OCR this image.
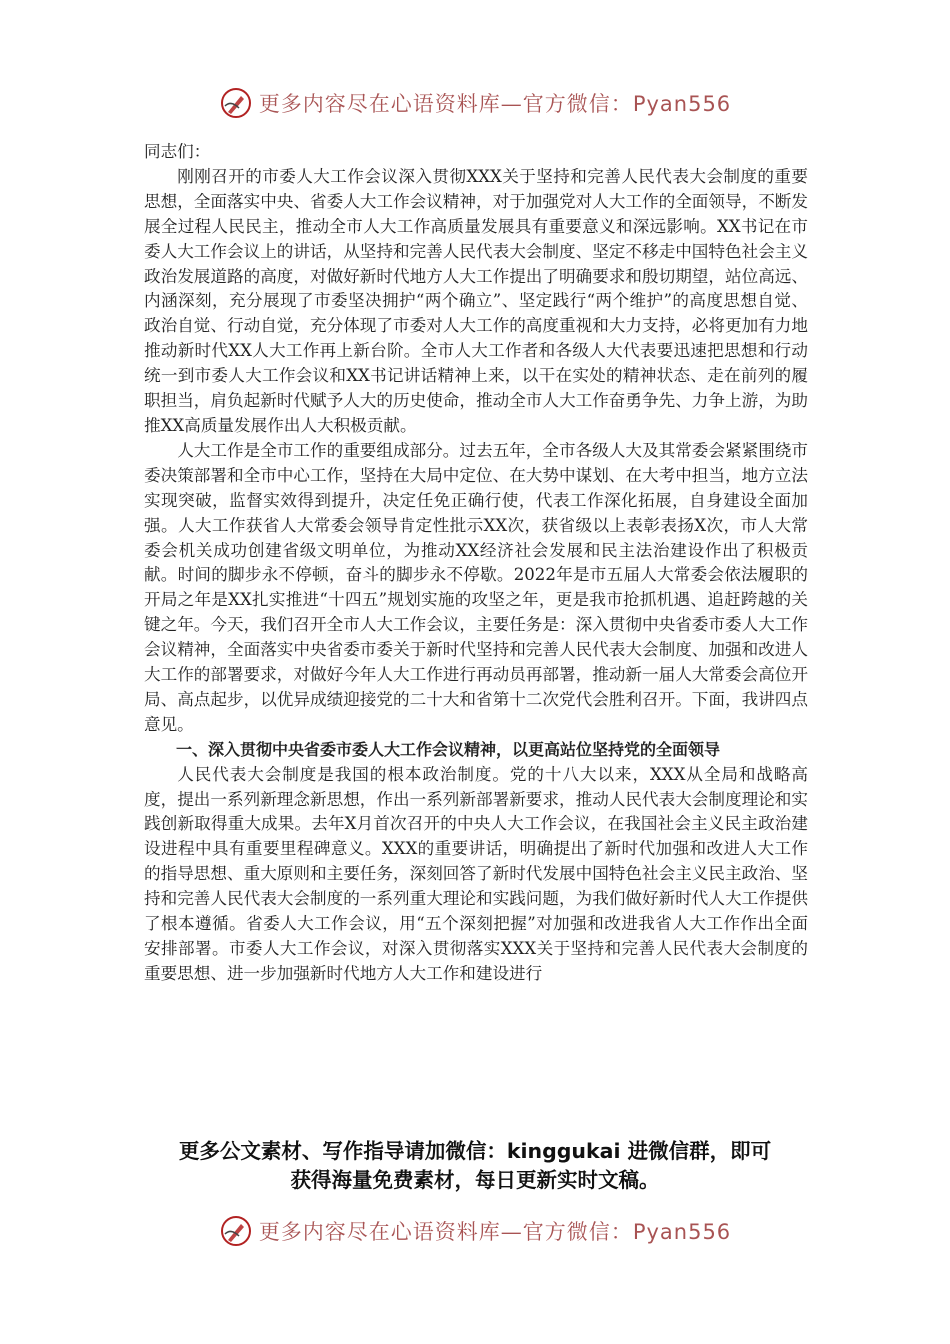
更多内容尽在心语资料库—官方微信：Pyan556

同志们：

刚刚召开的市委人大工作会议深入贯彻XXX关于坚持和完善人民代表大会制度的重要思想，全面落实中央、省委人大工作会议精神，对于加强党对人大工作的全面领导，不断发展全过程人民民主，推动全市人大工作高质量发展具有重要意义和深远影响。XX书记在市委人大工作会议上的讲话，从坚持和完善人民代表大会制度、坚定不移走中国特色社会主义政治发展道路的高度，对做好新时代地方人大工作提出了明确要求和殷切期望，站位高远、内涵深刻，充分展现了市委坚决拥护“两个确立”、坚定践行“两个维护”的高度思想自觉、政治自觉、行动自觉，充分体现了市委对人大工作的高度重视和大力支持，必将更加有力地推动新时代XX人大工作再上新台阶。全市人大工作者和各级人大代表要迅速把思想和行动统一到市委人大工作会议和XX书记讲话精神上来，以干在实处的精神状态、走在前列的履职担当，肩负起新时代赋予人大的历史使命，推动全市人大工作奋勇争先、力争上游，为助推XX高质量发展作出人大积极贡献。

人大工作是全市工作的重要组成部分。过去五年，全市各级人大及其常委会紧紧围绕市委决策部署和全市中心工作，坚持在大局中定位、在大势中谋划、在大考中担当，地方立法实现突破，监督实效得到提升，决定任免正确行使，代表工作深化拓展，自身建设全面加强。人大工作获省人大常委会领导肯定性批示XX次，获省级以上表彰表扬X次，市人大常委会机关成功创建省级文明单位，为推动XX经济社会发展和民主法治建设作出了积极贡献。时间的脚步永不停顿，奋斗的脚步永不停歇。2022年是市五届人大常委会依法履职的开局之年是XX扎实推进“十四五”规划实施的攻坚之年，更是我市抢抓机遇、追赶跨越的关键之年。今天，我们召开全市人大工作会议，主要任务是：深入贯彻中央省委市委人大工作会议精神，全面落实中央省委市委关于新时代坚持和完善人民代表大会制度、加强和改进人大工作的部署要求，对做好今年人大工作进行再动员再部署，推动新一届人大常委会高位开局、高点起步，以优异成绩迎接党的二十大和省第十二次党代会胜利召开。下面，我讲四点意见。

一、深入贯彻中央省委市委人大工作会议精神，以更高站位坚持党的全面领导

人民代表大会制度是我国的根本政治制度。党的十八大以来，XXX从全局和战略高度，提出一系列新理念新思想，作出一系列新部署新要求，推动人民代表大会制度理论和实践创新取得重大成果。去年X月首次召开的中央人大工作会议，在我国社会主义民主政治建设进程中具有重要里程碑意义。XXX的重要讲话，明确提出了新时代加强和改进人大工作的指导思想、重大原则和主要任务，深刻回答了新时代发展中国特色社会主义民主政治、坚持和完善人民代表大会制度的一系列重大理论和实践问题，为我们做好新时代人大工作提供了根本遵循。省委人大工作会议，用“五个深刻把握”对加强和改进我省人大工作作出全面安排部署。市委人大工作会议，对深入贯彻落实XXX关于坚持和完善人民代表大会制度的重要思想、进一步加强新时代地方人大工作和建设进行

更多公文素材、写作指导请加微信：kinggukai 进微信群，即可
获得海量免费素材，每日更新实时文稿。
更多内容尽在心语资料库—官方微信：Pyan556
